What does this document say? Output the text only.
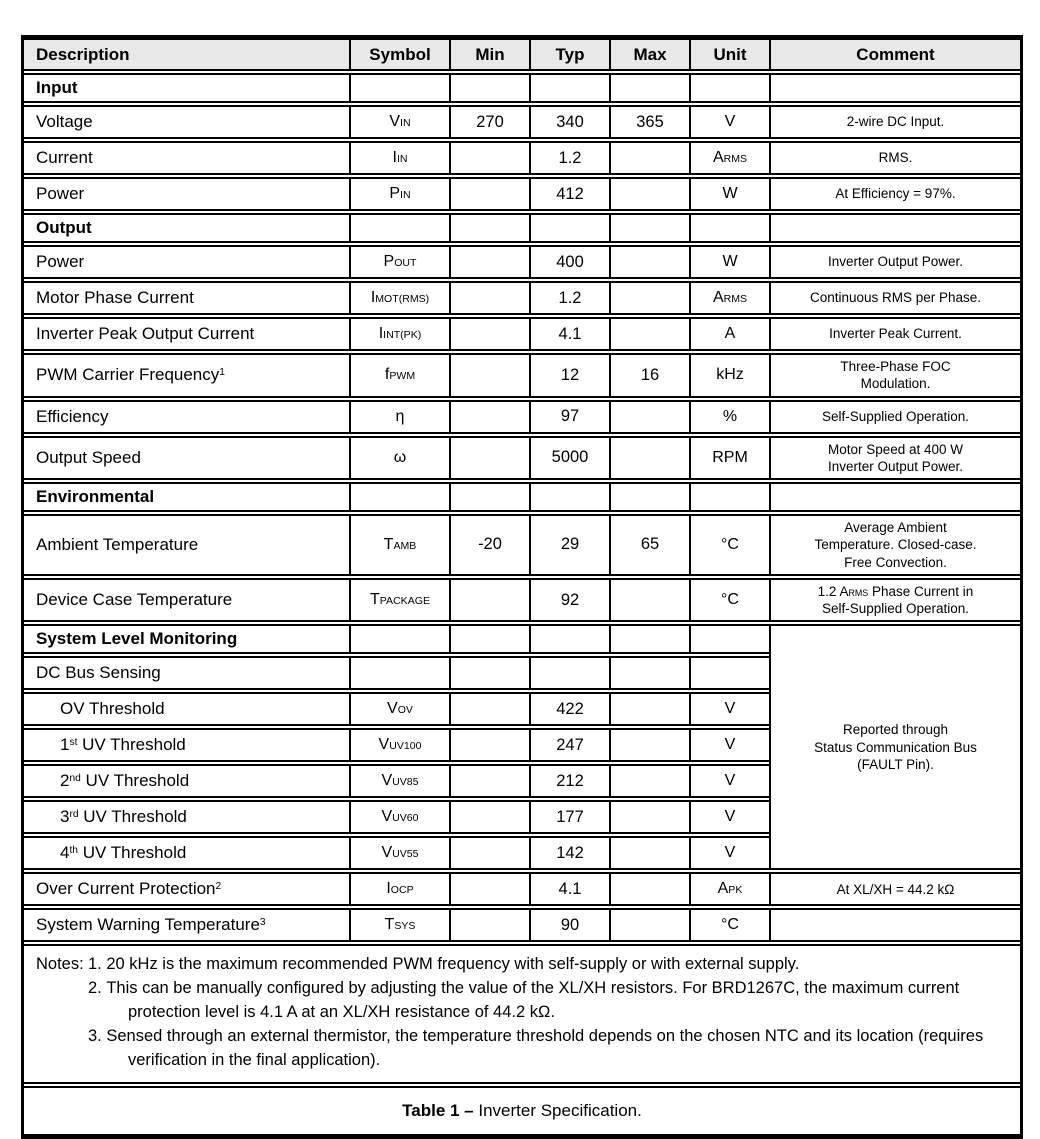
Description	Symbol	Min	Typ	Max	Unit	Comment
Input						
Voltage	VIN	270	340	365	V	2-wire DC Input.
Current	IIN		1.2		ARMS	RMS.
Power	PIN		412		W	At Efficiency = 97%.
Output						
Power	POUT		400		W	Inverter Output Power.
Motor Phase Current	IMOT(RMS)		1.2		ARMS	Continuous RMS per Phase.
Inverter Peak Output Current	IINT(PK)		4.1		A	Inverter Peak Current.
PWM Carrier Frequency$^1$	fPWM		12	16	kHz	Three-Phase FOC
Modulation.
Efficiency	η		97		%	Self-Supplied Operation.
Output Speed	ω		5000		RPM	Motor Speed at 400 W
Inverter Output Power.
Environmental						
Ambient Temperature	TAMB	-20	29	65	°C	Average Ambient
Temperature. Closed-case.
Free Convection.
Device Case Temperature	TPACKAGE		92		°C	1.2 ARMS Phase Current in
Self-Supplied Operation.
System Level Monitoring						Reported through
Status Communication Bus
(FAULT Pin).
DC Bus Sensing						
OV Threshold	VOV		422		V	
1st UV Threshold	VUV100		247		V	
2nd UV Threshold	VUV85		212		V	
3rd UV Threshold	VUV60		177		V	
4th UV Threshold	VUV55		142		V	
Over Current Protection$^2$	IOCP		4.1		APK	At XL/XH = 44.2 kΩ
System Warning Temperature$^3$	TSYS		90		°C	

Notes: 1. 20 kHz is the maximum recommended PWM frequency with self-supply or with external supply.
2. This can be manually configured by adjusting the value of the XL/XH resistors. For BRD1267C, the maximum current protection level is 4.1 A at an XL/XH resistance of 44.2 kΩ.
3. Sensed through an external thermistor, the temperature threshold depends on the chosen NTC and its location (requires verification in the final application).						

Table 1 – Inverter Specification.						
